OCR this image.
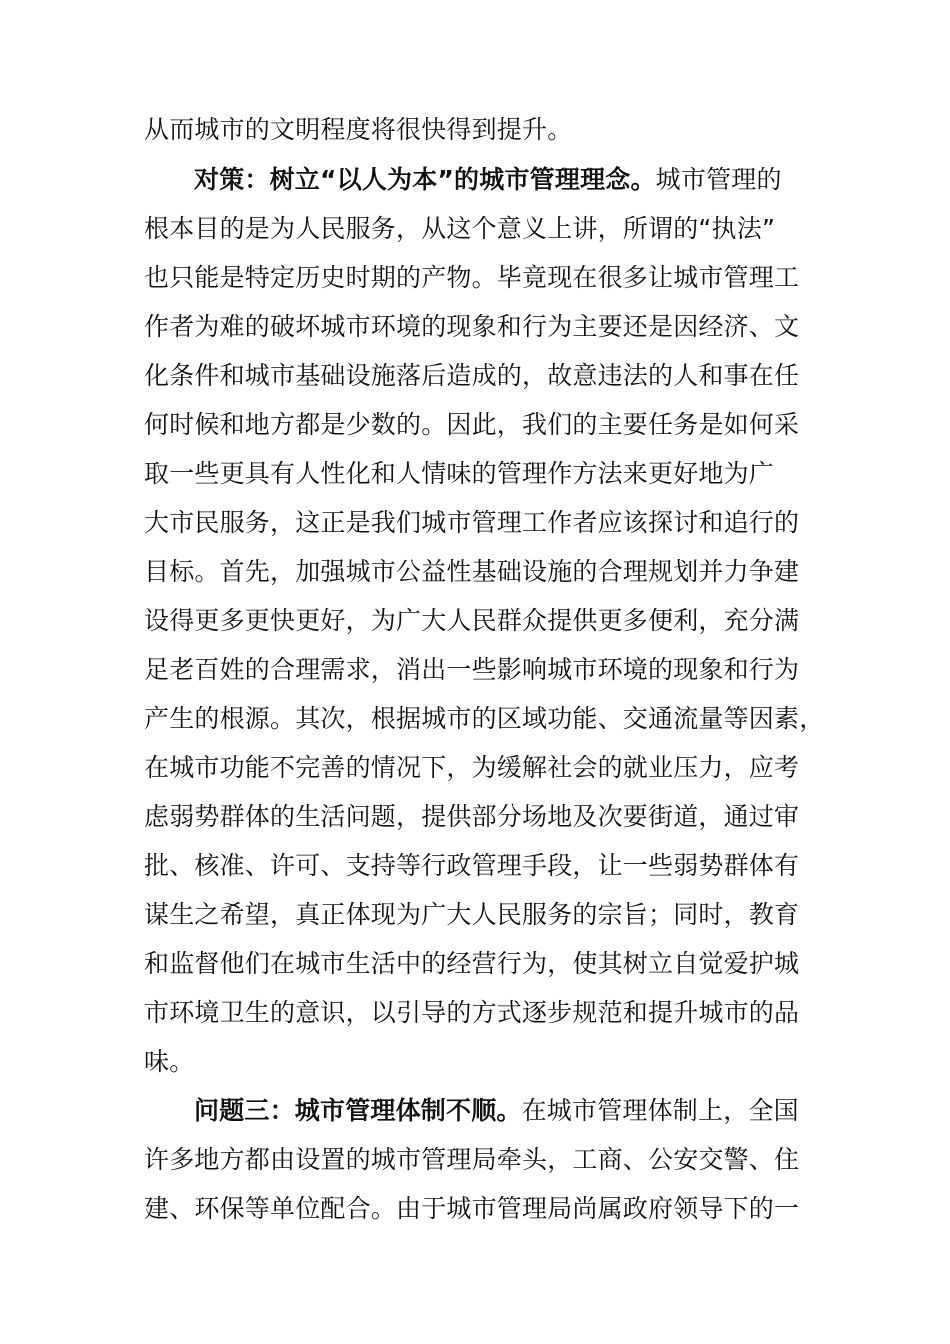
从而城市的文明程度将很快得到提升。
对策：树立“以人为本”的城市管理理念。城市管理的
根本目的是为人民服务，从这个意义上讲，所谓的“执法”
也只能是特定历史时期的产物。毕竟现在很多让城市管理工
作者为难的破坏城市环境的现象和行为主要还是因经济、文
化条件和城市基础设施落后造成的，故意违法的人和事在任
何时候和地方都是少数的。因此，我们的主要任务是如何采
取一些更具有人性化和人情味的管理作方法来更好地为广
大市民服务，这正是我们城市管理工作者应该探讨和追行的
目标。首先，加强城市公益性基础设施的合理规划并力争建
设得更多更快更好，为广大人民群众提供更多便利，充分满
足老百姓的合理需求，消出一些影响城市环境的现象和行为
产生的根源。其次，根据城市的区域功能、交通流量等因素，
在城市功能不完善的情况下，为缓解社会的就业压力，应考
虑弱势群体的生活问题，提供部分场地及次要街道，通过审
批、核准、许可、支持等行政管理手段，让一些弱势群体有
谋生之希望，真正体现为广大人民服务的宗旨；同时，教育
和监督他们在城市生活中的经营行为，使其树立自觉爱护城
市环境卫生的意识，以引导的方式逐步规范和提升城市的品
味。
问题三：城市管理体制不顺。在城市管理体制上，全国
许多地方都由设置的城市管理局牵头，工商、公安交警、住
建、环保等单位配合。由于城市管理局尚属政府领导下的一
